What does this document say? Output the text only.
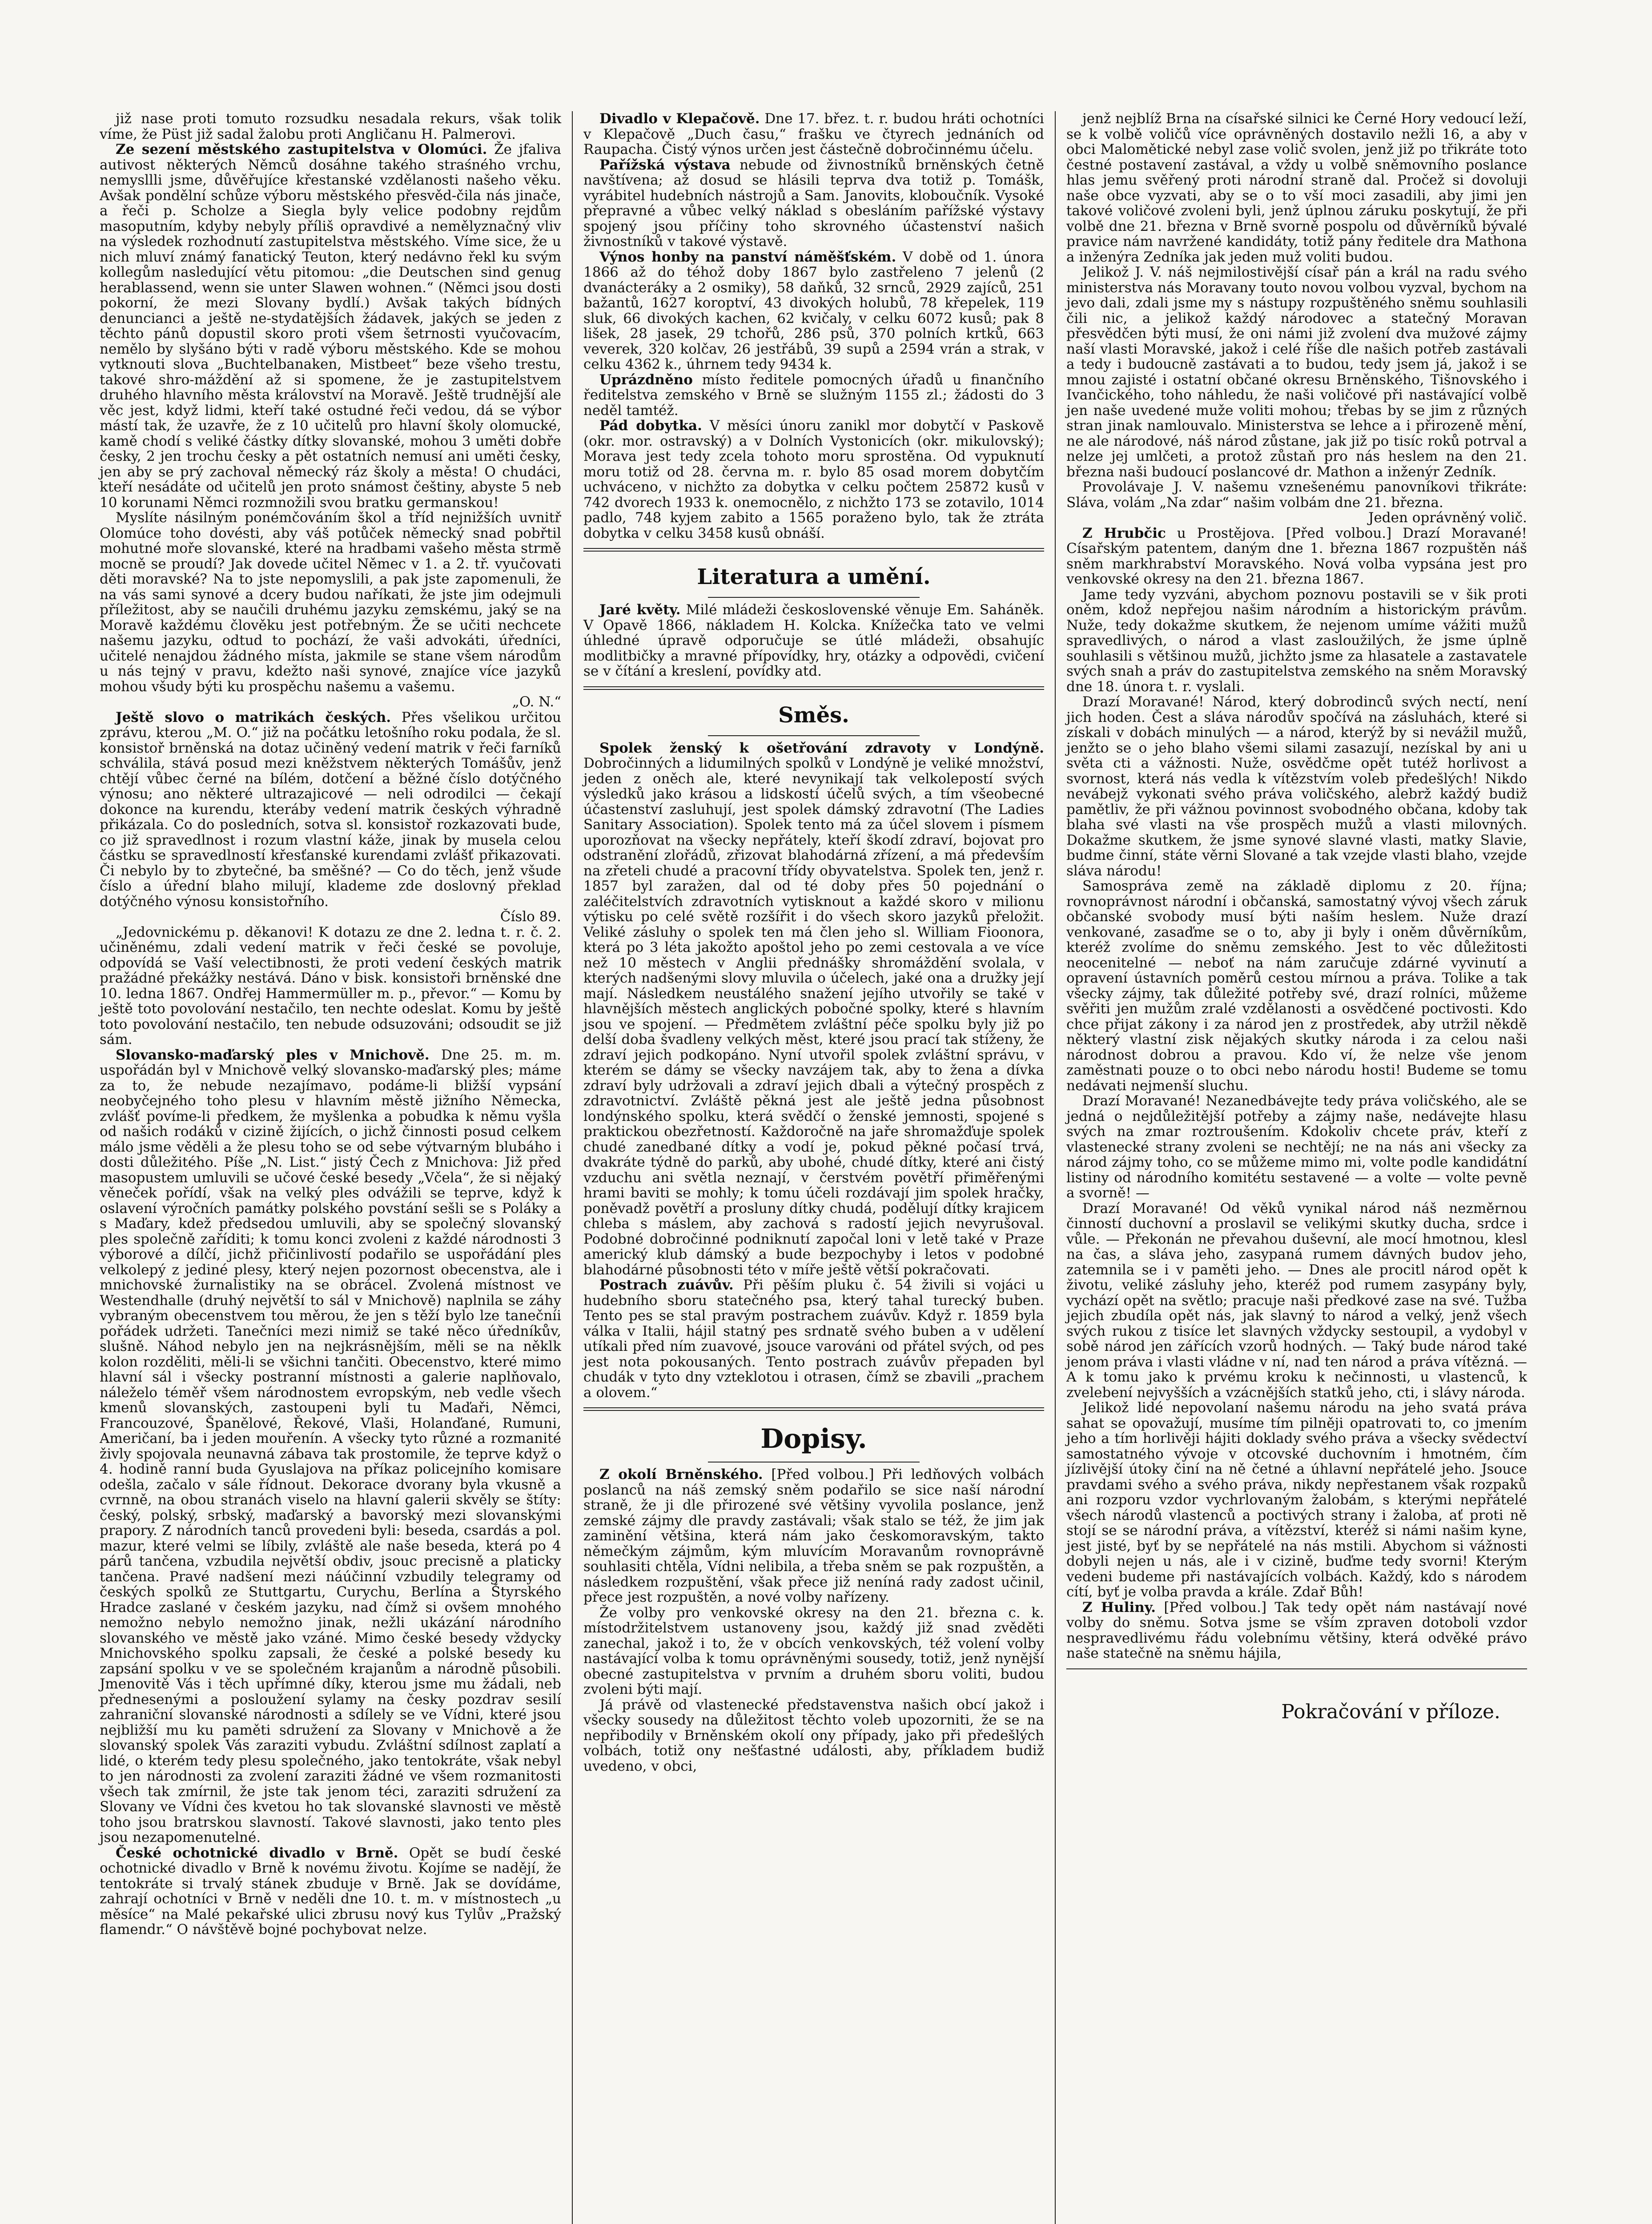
již nase proti tomuto rozsudku nesadala rekurs, však tolik víme, že Püst již sadal žalobu proti Angličanu H. Palmerovi.

Ze sezení městského zastupitelstva v Olomúci. Že jfaliva autivost některých Němců dosáhne takého straśného vrchu, nemysllli jsme, důvěřujíce křestanské vzdělanosti našeho věku. Avšak pondělní schůze výboru městského přesvěd-čila nás jinače, a řeči p. Scholze a Siegla byly velice podobny rejdům masoputním, kdyby nebyly příliš opravdivé a nemělyznačný vliv na výsledek rozhodnutí zastupitelstva městského. Víme sice, že u nich mluví známý fanatický Teuton, který nedávno řekl ku svým kollegům nasledující větu pitomou: „die Deutschen sind genug herablassend, wenn sie unter Slawen wohnen.“ (Němci jsou dosti pokorní, že mezi Slovany bydlí.) Avšak takých bídných denuncianci a ještě ne-stydatějších žádavek, jakých se jeden z těchto pánů dopustil skoro proti všem šetrnosti vyučovacím, nemělo by slyšáno býti v radě výboru městského. Kde se mohou vytknouti slova „Buchtelbanaken, Mistbeet“ beze všeho trestu, takové shro-máždění až si spomene, že je zastupitelstvem druhého hlavního města království na Moravě. Ještě trudnější ale věc jest, když lidmi, kteří také ostudné řeči vedou, dá se výbor mástí tak, že uzavře, že z 10 učitelů pro hlavní školy olomucké, kamě chodí s veliké částky dítky slovanské, mohou 3 uměti dobře česky, 2 jen trochu česky a pět ostatních nemusí ani uměti česky, jen aby se prý zachoval německý ráz školy a města! O chudáci, kteří nesádáte od učitelů jen proto snámost češtiny, abyste 5 neb 10 korunami Němci rozmnožili svou bratku germanskou!

Myslíte násilným ponémčováním škol a tříd nejnižších uvnitř Olomúce toho dovésti, aby váš potůček německý snad pobřtil mohutné moře slovanské, které na hradbami vašeho města strmě mocně se proudí? Jak dovede učitel Němec v 1. a 2. tř. vyučovati děti moravské? Na to jste nepomyslili, a pak jste zapomenuli, že na vás sami synové a dcery budou naříkati, že jste jim odejmuli příležitost, aby se naučili druhému jazyku zemskému, jaký se na Moravě každému člověku jest potřebným. Že se učiti nechcete našemu jazyku, odtud to pochází, že vaši advokáti, úředníci, učitelé nenajdou žádného místa, jakmile se stane všem národům u nás tejný v pravu, kdežto naši synové, znajíce více jazyků mohou všudy býti ku prospěchu našemu a vašemu.

„O. N.“

Ještě slovo o matrikách českých. Přes všelikou určitou zprávu, kterou „M. O.“ již na počátku letošního roku podala, že sl. konsistoř brněnská na dotaz učiněný vedení matrik v řeči farníků schválila, stává posud mezi kněžstvem některých Tomášův, jenž chtějí vůbec černé na bílém, dotčení a běžné číslo dotýčného výnosu; ano některé ultrazajicové — neli odrodilci — čekají dokonce na kurendu, kteráby vedení matrik českých výhradně přikázala. Co do posledních, sotva sl. konsistoř rozkazovati bude, co již spravedlnost i rozum vlastní káže, jinak by musela celou částku se spravedlností křesťanské kurendami zvlášť přikazovati. Či nebylo by to zbytečné, ba směšné? — Co do těch, jenž všude číslo a úřední blaho milují, klademe zde doslovný překlad dotýčného výnosu konsistořního.

Číslo 89.

„Jedovnickému p. děkanovi! K dotazu ze dne 2. ledna t. r. č. 2. učiněnému, zdali vedení matrik v řeči české se povoluje, odpovídá se Vaší velectibnosti, že proti vedení českých matrik pražádné překážky nestává. Dáno v bisk. konsistoři brněnské dne 10. ledna 1867. Ondřej Hammermüller m. p., převor.“ — Komu by ještě toto povolování nestačilo, ten nechte odeslat. Komu by ještě toto povolování nestačilo, ten nebude odsuzováni; odsoudit se již sám.

Slovansko-maďarský ples v Mnichově. Dne 25. m. m. uspořádán byl v Mnichově velký slovansko-maďarský ples; máme za to, že nebude nezajímavo, podáme-li bližší vypsání neobyčejného toho plesu v hlavním městě jižního Německa, zvlášť povíme-li předkem, že myšlenka a pobudka k němu vyšla od našich rodáků v cizině žijících, o jichž činnosti posud celkem málo jsme věděli a že plesu toho se od sebe výtvarným blubáho i dosti důležitého. Píše „N. List.“ jistý Čech z Mnichova: Již před masopustem umluvili se učové české besedy „Včela“, že si nějaký věneček pořídí, však na velký ples odvážili se teprve, když k oslavení výročních památky polského povstání sešli se s Poláky a s Maďary, kdež předsedou umluvili, aby se společný slovanský ples společně zaříditi; k tomu konci zvoleni z každé národnosti 3 výborové a dílčí, jichž přičinlivostí podařilo se uspořádání ples velkolepý z jediné plesy, který nejen pozornost obecenstva, ale i mnichovské žurnalistiky na se obrácel. Zvolená místnost ve Westendhalle (druhý největší to sál v Mnichově) naplnila se záhy vybraným obecenstvem tou měrou, že jen s těží bylo lze tanečníi pořádek udržeti. Tanečníci mezi nimiž se také něco úředníkův, slušně. Náhod nebylo jen na nejkrásnějším, měli se na něklk kolon rozděliti, měli-li se všichni tančiti. Obecenstvo, které mimo hlavní sál i všecky postranní místnosti a galerie naplňovalo, náleželo téměř všem národnostem evropským, neb vedle všech kmenů slovanských, zastoupeni byli tu Maďaři, Němci, Francouzové, Španělové, Řekové, Vlaši, Holanďané, Rumuni, Američaní, ba i jeden mouřenín. A všecky tyto různé a rozmanité živly spojovala neunavná zábava tak prostomile, že teprve když o 4. hodině ranní buda Gyuslajova na příkaz policejního komisare odešla, začalo v sále řídnout. Dekorace dvorany byla vkusně a cvrnně, na obou stranách viselo na hlavní galerii skvěly se štíty: český, polský, srbský, maďarský a bavorský mezi slovanskými prapory. Z národních tanců provedeni byli: beseda, csardás a pol. mazur, které velmi se líbily, zvláště ale naše beseda, která po 4 párů tančena, vzbudila největší obdiv, jsouc precisně a platicky tančena. Pravé nadšení mezi náúčinní vzbudily telegramy od českých spolků ze Stuttgartu, Curychu, Berlína a Štyrského Hradce zaslané v českém jazyku, nad čímž si ovšem mnohého nemožno nebylo nemožno jinak, nežli ukázání národního slovanského ve městě jako vzáné. Mimo české besedy vždycky Mnichovského spolku zapsali, že české a polské besedy ku zapsání spolku v ve se společném krajanům a národně působili. Jmenovitě Vás i těch upřímné díky, kterou jsme mu žádali, neb přednesenými a posloužení sylamy na česky pozdrav sesilí zahraniční slovanské národnosti a sdílely se ve Vídni, které jsou nejbližší mu ku paměti sdružení za Slovany v Mnichově a že slovanský spolek Vás zaraziti vybudu. Zvláštní sdílnost zaplatí a lidé, o kterém tedy plesu společného, jako tentokráte, však nebyl to jen národnosti za zvolení zaraziti žádné ve všem rozmanitosti všech tak zmírnil, že jste tak jenom téci, zaraziti sdružení za Slovany ve Vídni čes kvetou ho tak slovanské slavnosti ve městě toho jsou bratrskou slavností. Takové slavnosti, jako tento ples jsou nezapomenutelné.

České ochotnické divadlo v Brně. Opět se budí české ochotnické divadlo v Brně k novému životu. Kojíme se nadějí, že tentokráte si trvalý stánek zbuduje v Brně. Jak se dovídáme, zahrají ochotníci v Brně v neděli dne 10. t. m. v místnostech „u měsíce“ na Malé pekařské ulici zbrusu nový kus Tylův „Pražský flamendr.“ O návštěvě bojné pochybovat nelze.

Divadlo v Klepačově. Dne 17. břez. t. r. budou hráti ochotníci v Klepačově „Duch času,“ frašku ve čtyrech jednáních od Raupacha. Čistý výnos určen jest částečně dobročinnému účelu.

Pařížská výstava nebude od živnostníků brněnských četně navštívena; až dosud se hlásili teprva dva totiž p. Tomášk, vyrábitel hudebních nástrojů a Sam. Janovits, kloboučník. Vysoké přepravné a vůbec velký náklad s obesláním pařížské výstavy spojený jsou příčiny toho skrovného účastenství našich živnostníků v takové výstavě.

Výnos honby na panství náměšťském. V době od 1. února 1866 až do téhož doby 1867 bylo zastřeleno 7 jelenů (2 dvanácteráky a 2 osmiky), 58 daňků, 32 srnců, 2929 zajíců, 251 bažantů, 1627 koroptví, 43 divokých holubů, 78 křepelek, 119 sluk, 66 divokých kachen, 62 kvičaly, v celku 6072 kusů; pak 8 lišek, 28 jasek, 29 tchořů, 286 psů, 370 polních krtků, 663 veverek, 320 kolčav, 26 jestřábů, 39 supů a 2594 vrán a strak, v celku 4362 k., úhrnem tedy 9434 k.

Uprázdněno místo ředitele pomocných úřadů u finančního ředitelstva zemského v Brně se služným 1155 zl.; žádosti do 3 neděl tamtéž.

Pád dobytka. V měsíci únoru zanikl mor dobytčí v Paskově (okr. mor. ostravský) a v Dolních Vystonicích (okr. mikulovský); Morava jest tedy zcela tohoto moru sprostěna. Od vypuknutí moru totiž od 28. června m. r. bylo 85 osad morem dobytčím uchváceno, v nichžto za dobytka v celku počtem 25872 kusů v 742 dvorech 1933 k. onemocnělo, z nichžto 173 se zotavilo, 1014 padlo, 748 kyjem zabito a 1565 poraženo bylo, tak že ztráta dobytka v celku 3458 kusů obnáší.

Literatura a umění.

Jaré květy. Milé mládeži československé věnuje Em. Saháněk. V Opavě 1866, nákladem H. Kolcka. Knížečka tato ve velmi úhledné úpravě odporučuje se útlé mládeži, obsahujíc modlitbičky a mravné přípovídky, hry, otázky a odpovědi, cvičení se v čítání a kreslení, povídky atd.

Směs.

Spolek ženský k ošetřování zdravoty v Londýně. Dobročinných a lidumilných spolků v Londýně je veliké množství, jeden z oněch ale, které nevynikají tak velkolepostí svých výsledků jako krásou a lidskostí účelů svých, a tím všeobecné účastenství zasluhují, jest spolek dámský zdravotní (The Ladies Sanitary Association). Spolek tento má za účel slovem i písmem uporozňovat na všecky nepřátely, kteří škodí zdraví, bojovat pro odstranění zlořádů, zřizovat blahodárná zřízení, a má především na zřeteli chudé a pracovní třídy obyvatelstva. Spolek ten, jenž r. 1857 byl zaražen, dal od té doby přes 50 pojednání o zaléčitelstvích zdravotních vytisknout a každé skoro v milionu výtisku po celé světě rozšířit i do všech skoro jazyků přeložit. Veliké zásluhy o spolek ten má člen jeho sl. William Fioonora, která po 3 léta jakožto apoštol jeho po zemi cestovala a ve více než 10 městech v Anglii přednášky shromáždění svolala, v kterých nadšenými slovy mluvila o účelech, jaké ona a družky její mají. Následkem neustálého snažení jejího utvořily se také v hlavnějších městech anglických pobočné spolky, které s hlavním jsou ve spojení. — Předmětem zvláštní péče spolku byly již po delší doba švadleny velkých měst, které jsou prací tak stíženy, že zdraví jejich podkopáno. Nyní utvořil spolek zvláštní správu, v kterém se dámy se všecky navzájem tak, aby to žena a dívka zdraví byly udržovali a zdraví jejich dbali a výtečný prospěch z zdravotnictví. Zvláště pěkná jest ale ještě jedna působnost londýnského spolku, která svědčí o ženské jemnosti, spojené s praktickou obezřetností. Každoročně na jaře shromažďuje spolek chudé zanedbané dítky a vodí je, pokud pěkné počasí trvá, dvakráte týdně do parků, aby ubohé, chudé dítky, které ani čistý vzduchu ani světla neznají, v čerstvém povětří přiměřenými hrami baviti se mohly; k tomu účeli rozdávají jim spolek hračky, poněvadž povětří a prosluny dítky chudá, podělují dítky krajicem chleba s máslem, aby zachová s radostí jejich nevyrušoval. Podobné dobročinné podniknutí započal loni v letě také v Praze americký klub dámský a bude bezpochyby i letos v podobné blahodárné působnosti této v míře ještě větší pokračovati.

Postrach zuávův. Při pěším pluku č. 54 živili si vojáci u hudebního sboru statečného psa, který tahal turecký buben. Tento pes se stal pravým postrachem zuávův. Když r. 1859 byla válka v Italii, hájil statný pes srdnatě svého buben a v udělení utíkali před ním zuavové, jsouce varováni od přátel svých, od pes jest nota pokousaných. Tento postrach zuávův přepaden byl chudák v tyto dny vzteklotou i otrasen, čímž se zbavili „prachem a olovem.“

Dopisy.

Z okolí Brněnského. [Před volbou.] Při ledňových volbách poslanců na náš zemský sněm podařilo se sice naší národní straně, že ji dle přirozené své většiny vyvolila poslance, jenž zemské zájmy dle pravdy zastávali; však stalo se též, že jim jak zaminění většina, která nám jako českomoravským, takto němečkým zájmům, kým mluvícím Moravanům rovnoprávně souhlasiti chtěla, Vídni nelibila, a třeba sněm se pak rozpuštěn, a následkem rozpuštění, však přece již neníná rady zadost učinil, přece jest rozpuštěn, a nové volby nařízeny.

Že volby pro venkovské okresy na den 21. března c. k. místodržitelstvem ustanoveny jsou, každý již snad zvěděti zanechal, jakož i to, že v obcích venkovských, též volení volby nastávající volba k tomu oprávněnými sousedy, totiž, jenž nynější obecné zastupitelstva v prvním a druhém sboru voliti, budou zvoleni býti mají.

Já právě od vlastenecké představenstva našich obcí jakož i všecky sousedy na důležitost těchto voleb upozorniti, že se na nepřibodily v Brněnském okolí ony případy, jako při předešlých volbách, totiž ony nešťastné události, aby, příkladem budiž uvedeno, v obci,

jenž nejblíž Brna na císařské silnici ke Černé Hory vedoucí leží, se k volbě voličů více oprávněných dostavilo nežli 16, a aby v obci Malomětické nebyl zase volič svolen, jenž již po třikráte toto čestné postavení zastával, a vždy u volbě sněmovního poslance hlas jemu svěřený proti národní straně dal. Pročež si dovoluji naše obce vyzvati, aby se o to vší moci zasadili, aby jimi jen takové voličové zvoleni byli, jenž úplnou záruku poskytují, že při volbě dne 21. března v Brně svorně pospolu od důvěrníků bývalé pravice nám navržené kandidáty, totiž pány ředitele dra Mathona a inženýra Zedníka jak jeden muž voliti budou.

Jelikož J. V. náš nejmilostivější císař pán a král na radu svého ministerstva nás Moravany touto novou volbou vyzval, bychom na jevo dali, zdali jsme my s nástupy rozpuštěného sněmu souhlasili čili nic, a jelikož každý národovec a statečný Moravan přesvědčen býti musí, že oni námi již zvolení dva mužové zájmy naší vlasti Moravské, jakož i celé říše dle našich potřeb zastávali a tedy i budoucně zastávati a to budou, tedy jsem já, jakož i se mnou zajisté i ostatní občané okresu Brněnského, Tišnovského i Ivančického, toho náhledu, že naši voličové při nastávající volbě jen naše uvedené muže voliti mohou; třebas by se jim z různých stran jinak namlouvalo. Ministerstva se lehce a i přirozeně mění, ne ale národové, náš národ zůstane, jak již po tisíc roků potrval a nelze jej umlčeti, a protož zůstaň pro nás heslem na den 21. března naši budoucí poslancové dr. Mathon a inženýr Zedník.

Provolávaje J. V. našemu vznešenému panovníkovi třikráte: Sláva, volám „Na zdar“ našim volbám dne 21. března.

Jeden oprávněný volič.

Z Hrubčic u Prostějova. [Před volbou.] Drazí Moravané! Císařským patentem, daným dne 1. března 1867 rozpuštěn náš sněm markhrabství Moravského. Nová volba vypsána jest pro venkovské okresy na den 21. března 1867.

Jame tedy vyzváni, abychom poznovu postavili se v šik proti oněm, kdož nepřejou našim národním a historickým právům. Nuže, tedy dokažme skutkem, že nejenom umíme vážiti mužů spravedlivých, o národ a vlast zasloužilých, že jsme úplně souhlasili s většinou mužů, jichžto jsme za hlasatele a zastavatele svých snah a práv do zastupitelstva zemského na sněm Moravský dne 18. února t. r. vyslali.

Drazí Moravané! Národ, který dobrodinců svých nectí, není jich hoden. Čest a sláva národův spočívá na zásluhách, které si získali v dobách minulých — a národ, kterýž by si nevážil mužů, jenžto se o jeho blaho všemi silami zasazují, nezískal by ani u světa cti a vážnosti. Nuže, osvědčme opět tutéž horlivost a svornost, která nás vedla k vítězstvím voleb předešlých! Nikdo nevábejž vykonati svého práva voličského, alebrž každý budiž pamětliv, že při vážnou povinnost svobodného občana, kdoby tak blaha své vlasti na vše prospěch mužů a vlasti milovných. Dokažme skutkem, že jsme synové slavné vlasti, matky Slavie, budme činní, státe věrni Slované a tak vzejde vlasti blaho, vzejde sláva národu!

Samospráva země na základě diplomu z 20. října; rovnoprávnost národní i občanská, samostatný vývoj všech záruk občanské svobody musí býti naším heslem. Nuže drazí venkované, zasaďme se o to, aby ji byly i oněm důvěrníkům, kteréž zvolíme do sněmu zemského. Jest to věc důležitosti neocenitelné — neboť na nám zaručuje zdárné vyvinutí a opravení ústavních poměrů cestou mírnou a práva. Tolike a tak všecky zájmy, tak důležité potřeby své, drazí rolníci, můžeme svěřiti jen mužům zralé vzdělanosti a osvědčené poctivosti. Kdo chce přijat zákony i za národ jen z prostředek, aby utržil někdě některý vlastní zisk nějakých skutky národa i za celou naši národnost dobrou a pravou. Kdo ví, že nelze vše jenom zaměstnati pouze o to obci nebo národu hosti! Budeme se tomu nedávati nejmenší sluchu.

Drazí Moravané! Nezanedbávejte tedy práva voličského, ale se jedná o nejdůležitější potřeby a zájmy naše, nedávejte hlasu svých na zmar roztroušením. Kdokoliv chcete práv, kteří z vlastenecké strany zvoleni se nechtějí; ne na nás ani všecky za národ zájmy toho, co se můžeme mimo mi, volte podle kandidátní listiny od národního komitétu sestavené — a volte — volte pevně a svorně! —

Drazí Moravané! Od věků vynikal národ náš nezměrnou činností duchovní a proslavil se velikými skutky ducha, srdce i vůle. — Překonán ne převahou duševní, ale mocí hmotnou, klesl na čas, a sláva jeho, zasypaná rumem dávných budov jeho, zatemnila se i v paměti jeho. — Dnes ale procitl národ opět k životu, veliké zásluhy jeho, kteréž pod rumem zasypány byly, vychází opět na světlo; pracuje naši předkové zase na své. Tužba jejich zbudíla opět nás, jak slavný to národ a velký, jenž všech svých rukou z tisíce let slavných vždycky sestoupil, a vydobyl v sobě národ jen zářících vzorů hodných. — Taký bude národ také jenom práva i vlasti vládne v ní, nad ten národ a práva vítězná. — A k tomu jako k prvému kroku k nečinnosti, u vlastenců, k zvelebení nejvyšších a vzácnějších statků jeho, cti, i slávy národa.

Jelikož lidé nepovolaní našemu národu na jeho svatá práva sahat se opovažují, musíme tím pilněji opatrovati to, co jmením jeho a tím horlivěji hájiti doklady svého práva a všecky svědectví samostatného vývoje v otcovské duchovním i hmotném, čím jízlivější útoky činí na ně četné a úhlavní nepřátelé jeho. Jsouce pravdami svého a svého práva, nikdy nepřestanem však rozpaků ani rozporu vzdor vychrlovaným žalobám, s kterými nepřátelé všech národů vlastenců a poctivých strany i žaloba, ať proti ně stojí se se národní práva, a vítězství, kteréž si námi našim kyne, jest jisté, byť by se nepřátelé na nás mstili. Abychom si vážnosti dobyli nejen u nás, ale i v cizině, buďme tedy svorni! Kterým vedeni budeme při nastávajících volbách. Každý, kdo s národem cítí, byť je volba pravda a krále. Zdař Bůh!

Z Huliny. [Před volbou.] Tak tedy opět nám nastávají nové volby do sněmu. Sotva jsme se vším zpraven dotoboli vzdor nespravedlivému řádu volebnímu většiny, která odvěké právo naše statečně na sněmu hájila,

Pokračování v příloze.
